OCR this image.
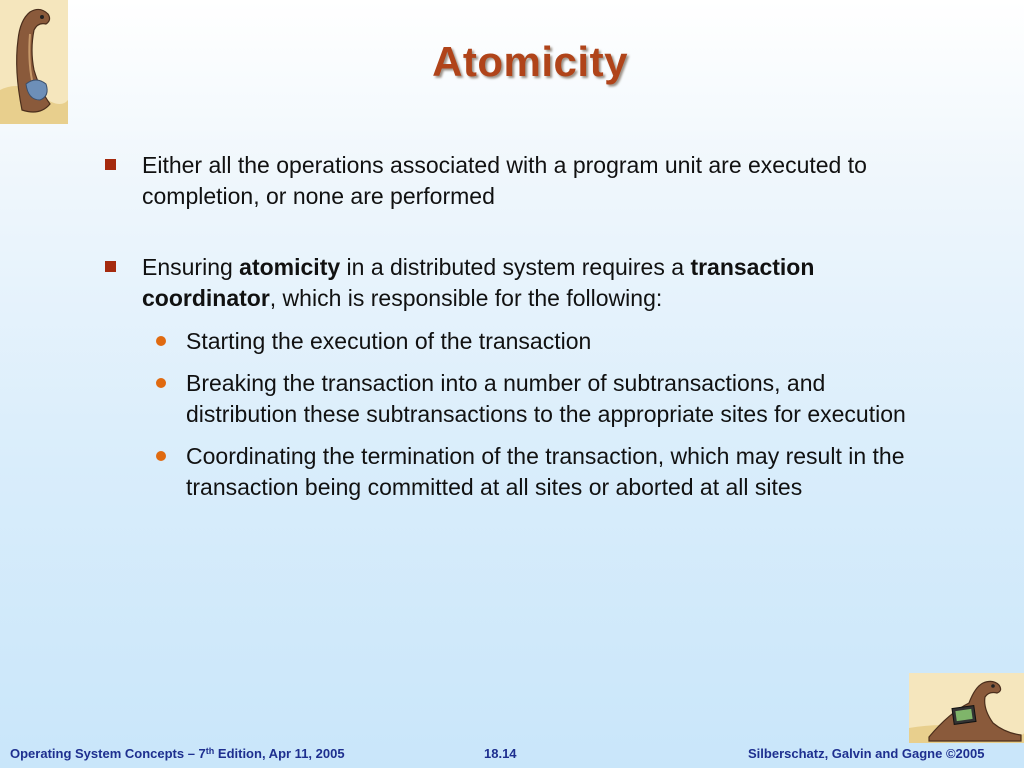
Atomicity
Either all the operations associated with a program unit are executed to completion, or none are performed
Ensuring atomicity in a distributed system requires a transaction coordinator, which is responsible for the following:
Starting the execution of the transaction
Breaking the transaction into a number of subtransactions, and distribution these subtransactions to the appropriate sites for execution
Coordinating the termination of the transaction, which may result in the transaction being committed at all sites or aborted at all sites
Operating System Concepts – 7th Edition, Apr 11, 2005	18.14	Silberschatz, Galvin and Gagne ©2005
